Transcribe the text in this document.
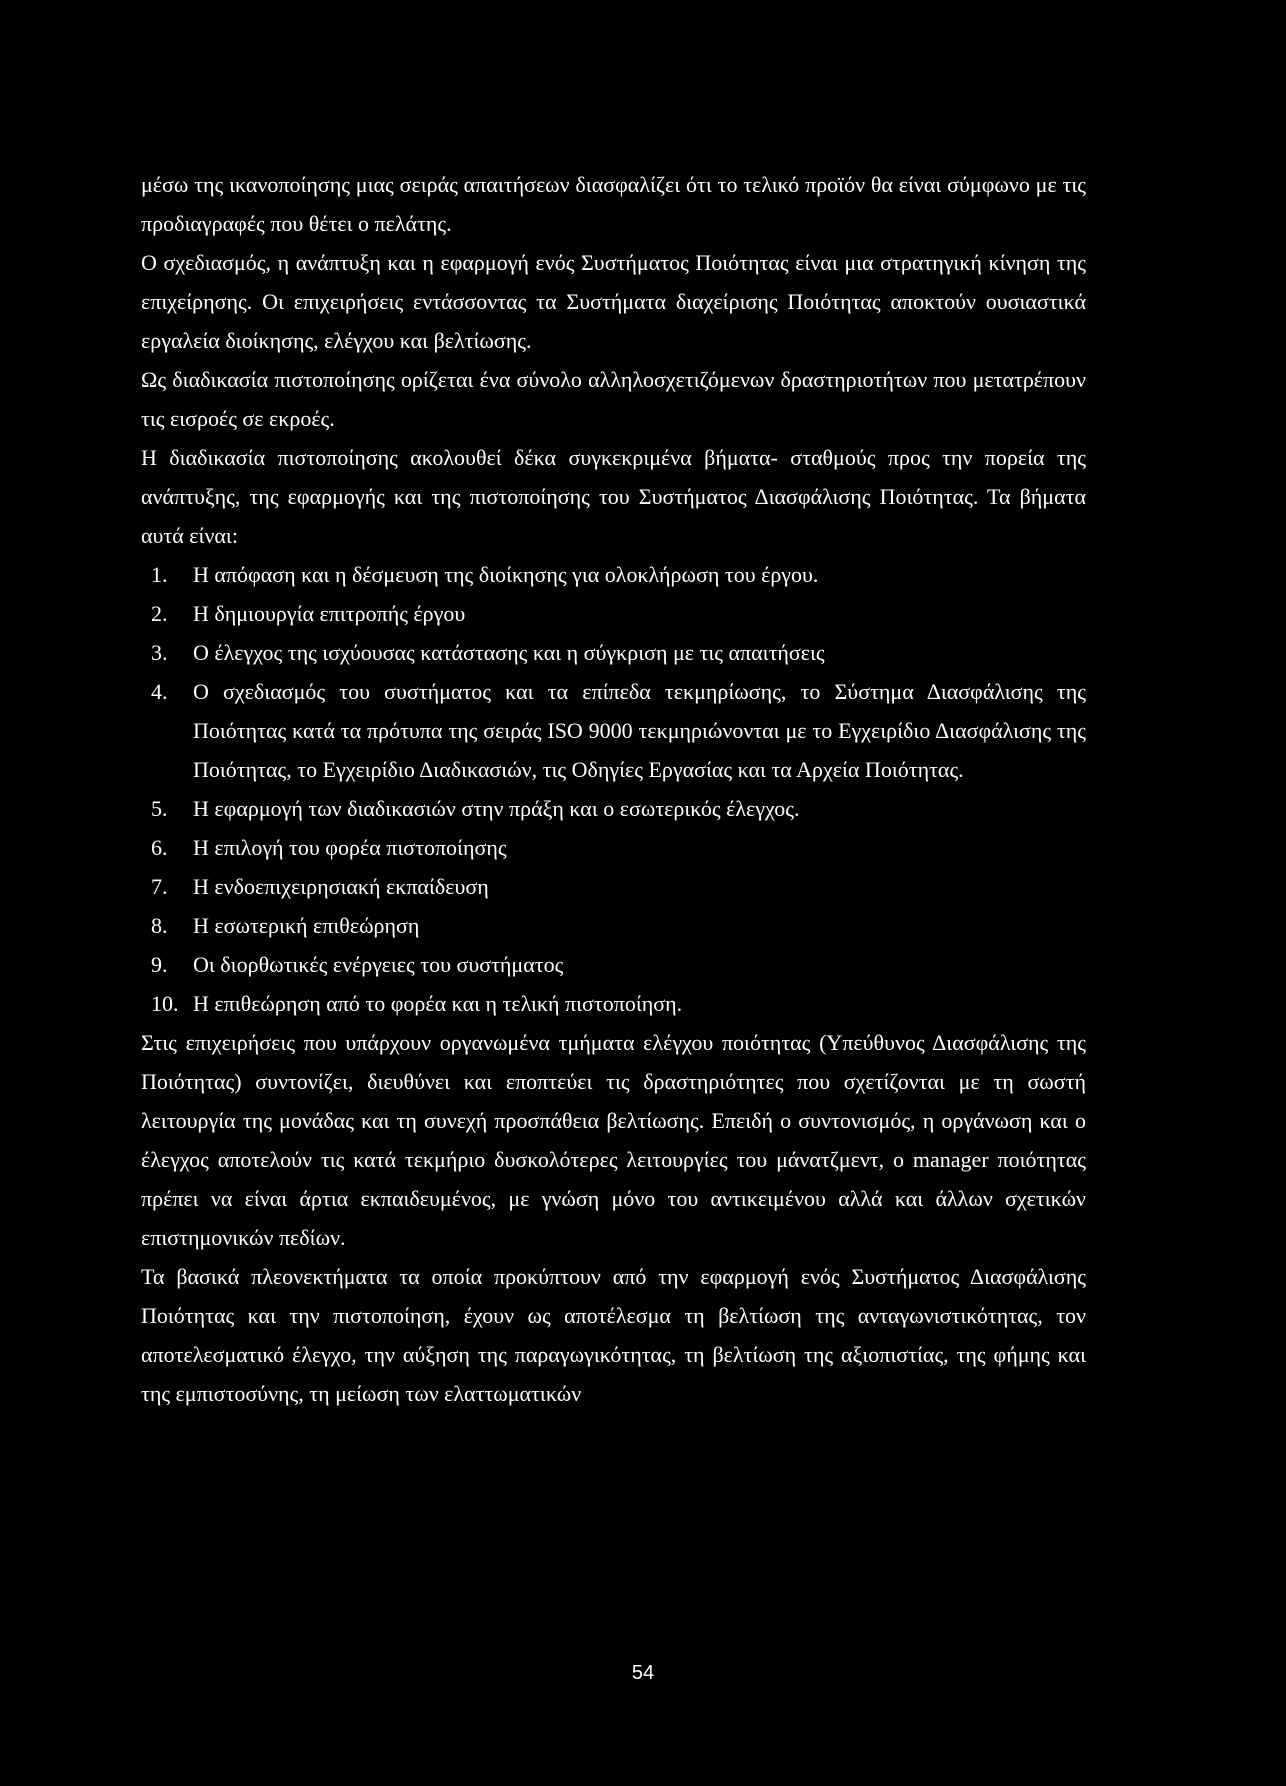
μέσω της ικανοποίησης μιας σειράς απαιτήσεων διασφαλίζει ότι το τελικό προϊόν θα είναι σύμφωνο με τις προδιαγραφές που θέτει ο πελάτης.

Ο σχεδιασμός, η ανάπτυξη και η εφαρμογή ενός Συστήματος Ποιότητας είναι μια στρατηγική κίνηση της επιχείρησης. Οι επιχειρήσεις εντάσσοντας τα Συστήματα διαχείρισης Ποιότητας αποκτούν ουσιαστικά εργαλεία διοίκησης, ελέγχου και βελτίωσης.

Ως διαδικασία πιστοποίησης ορίζεται ένα σύνολο αλληλοσχετιζόμενων δραστηριοτήτων που μετατρέπουν τις εισροές σε εκροές.

Η διαδικασία πιστοποίησης ακολουθεί δέκα συγκεκριμένα βήματα- σταθμούς προς την πορεία της ανάπτυξης, της εφαρμογής και της πιστοποίησης του Συστήματος Διασφάλισης Ποιότητας. Τα βήματα αυτά είναι:

1.	Η απόφαση και η δέσμευση της διοίκησης για ολοκλήρωση του έργου.
2.	Η δημιουργία επιτροπής έργου
3.	Ο έλεγχος της ισχύουσας κατάστασης και η σύγκριση με τις απαιτήσεις
4.	Ο σχεδιασμός του συστήματος και τα επίπεδα τεκμηρίωσης, το Σύστημα Διασφάλισης της Ποιότητας κατά τα πρότυπα της σειράς ISO 9000 τεκμηριώνονται με το Εγχειρίδιο Διασφάλισης της Ποιότητας, το Εγχειρίδιο Διαδικασιών, τις Οδηγίες Εργασίας και τα Αρχεία Ποιότητας.
5.	Η εφαρμογή των διαδικασιών στην πράξη και ο εσωτερικός έλεγχος.
6.	Η επιλογή του φορέα πιστοποίησης
7.	Η ενδοεπιχειρησιακή εκπαίδευση
8.	Η εσωτερική επιθεώρηση
9.	Οι διορθωτικές ενέργειες του συστήματος
10. Η επιθεώρηση από το φορέα και η τελική πιστοποίηση.

Στις επιχειρήσεις που υπάρχουν οργανωμένα τμήματα ελέγχου ποιότητας (Υπεύθυνος Διασφάλισης της Ποιότητας) συντονίζει, διευθύνει και εποπτεύει τις δραστηριότητες που σχετίζονται με τη σωστή λειτουργία της μονάδας και τη συνεχή προσπάθεια βελτίωσης. Επειδή ο συντονισμός, η οργάνωση και ο έλεγχος αποτελούν τις κατά τεκμήριο δυσκολότερες λειτουργίες του μάνατζμεντ, ο manager ποιότητας πρέπει να είναι άρτια εκπαιδευμένος, με γνώση μόνο του αντικειμένου αλλά και άλλων σχετικών επιστημονικών πεδίων.

Τα βασικά πλεονεκτήματα τα οποία προκύπτουν από την εφαρμογή ενός Συστήματος Διασφάλισης Ποιότητας και την πιστοποίηση, έχουν ως αποτέλεσμα τη βελτίωση της ανταγωνιστικότητας, τον αποτελεσματικό έλεγχο, την αύξηση της παραγωγικότητας, τη βελτίωση της αξιοπιστίας, της φήμης και της εμπιστοσύνης, τη μείωση των ελαττωματικών

54
